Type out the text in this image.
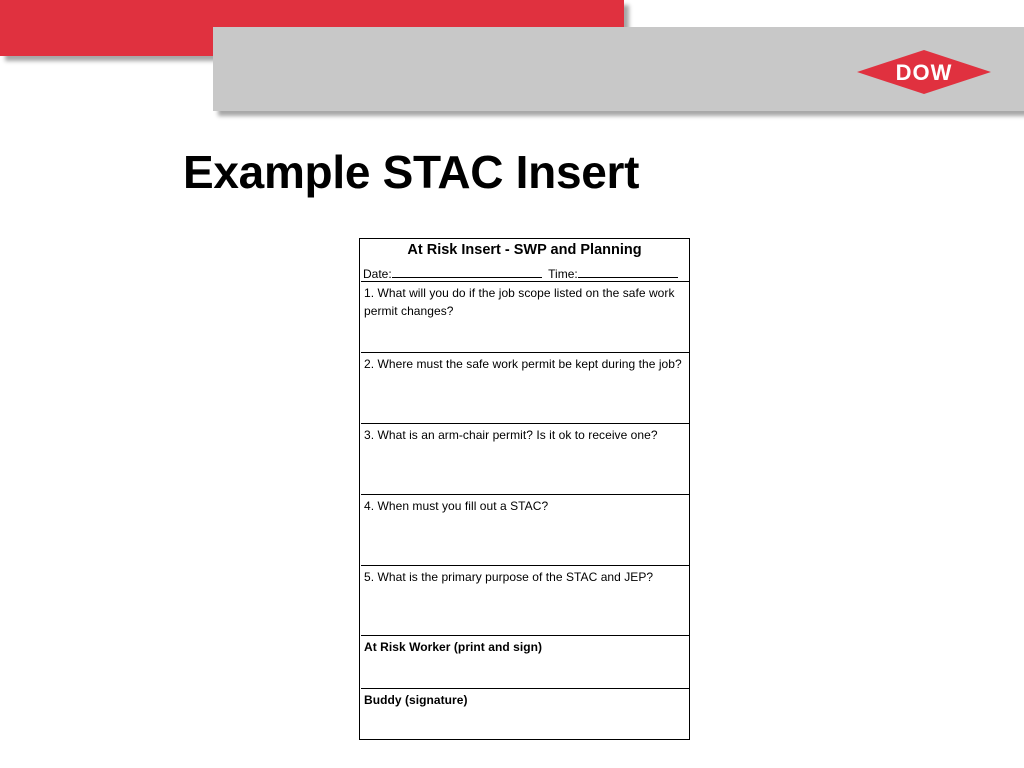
DOW
Example STAC Insert
At Risk Insert - SWP and Planning
Date:	Time:
1. What will you do if the job scope listed on the safe work permit changes?
2. Where must the safe work permit be kept during the job?
3. What is an arm-chair permit? Is it ok to receive one?
4. When must you fill out a STAC?
5. What is the primary purpose of the STAC and JEP?
At Risk Worker (print and sign)
Buddy (signature)
